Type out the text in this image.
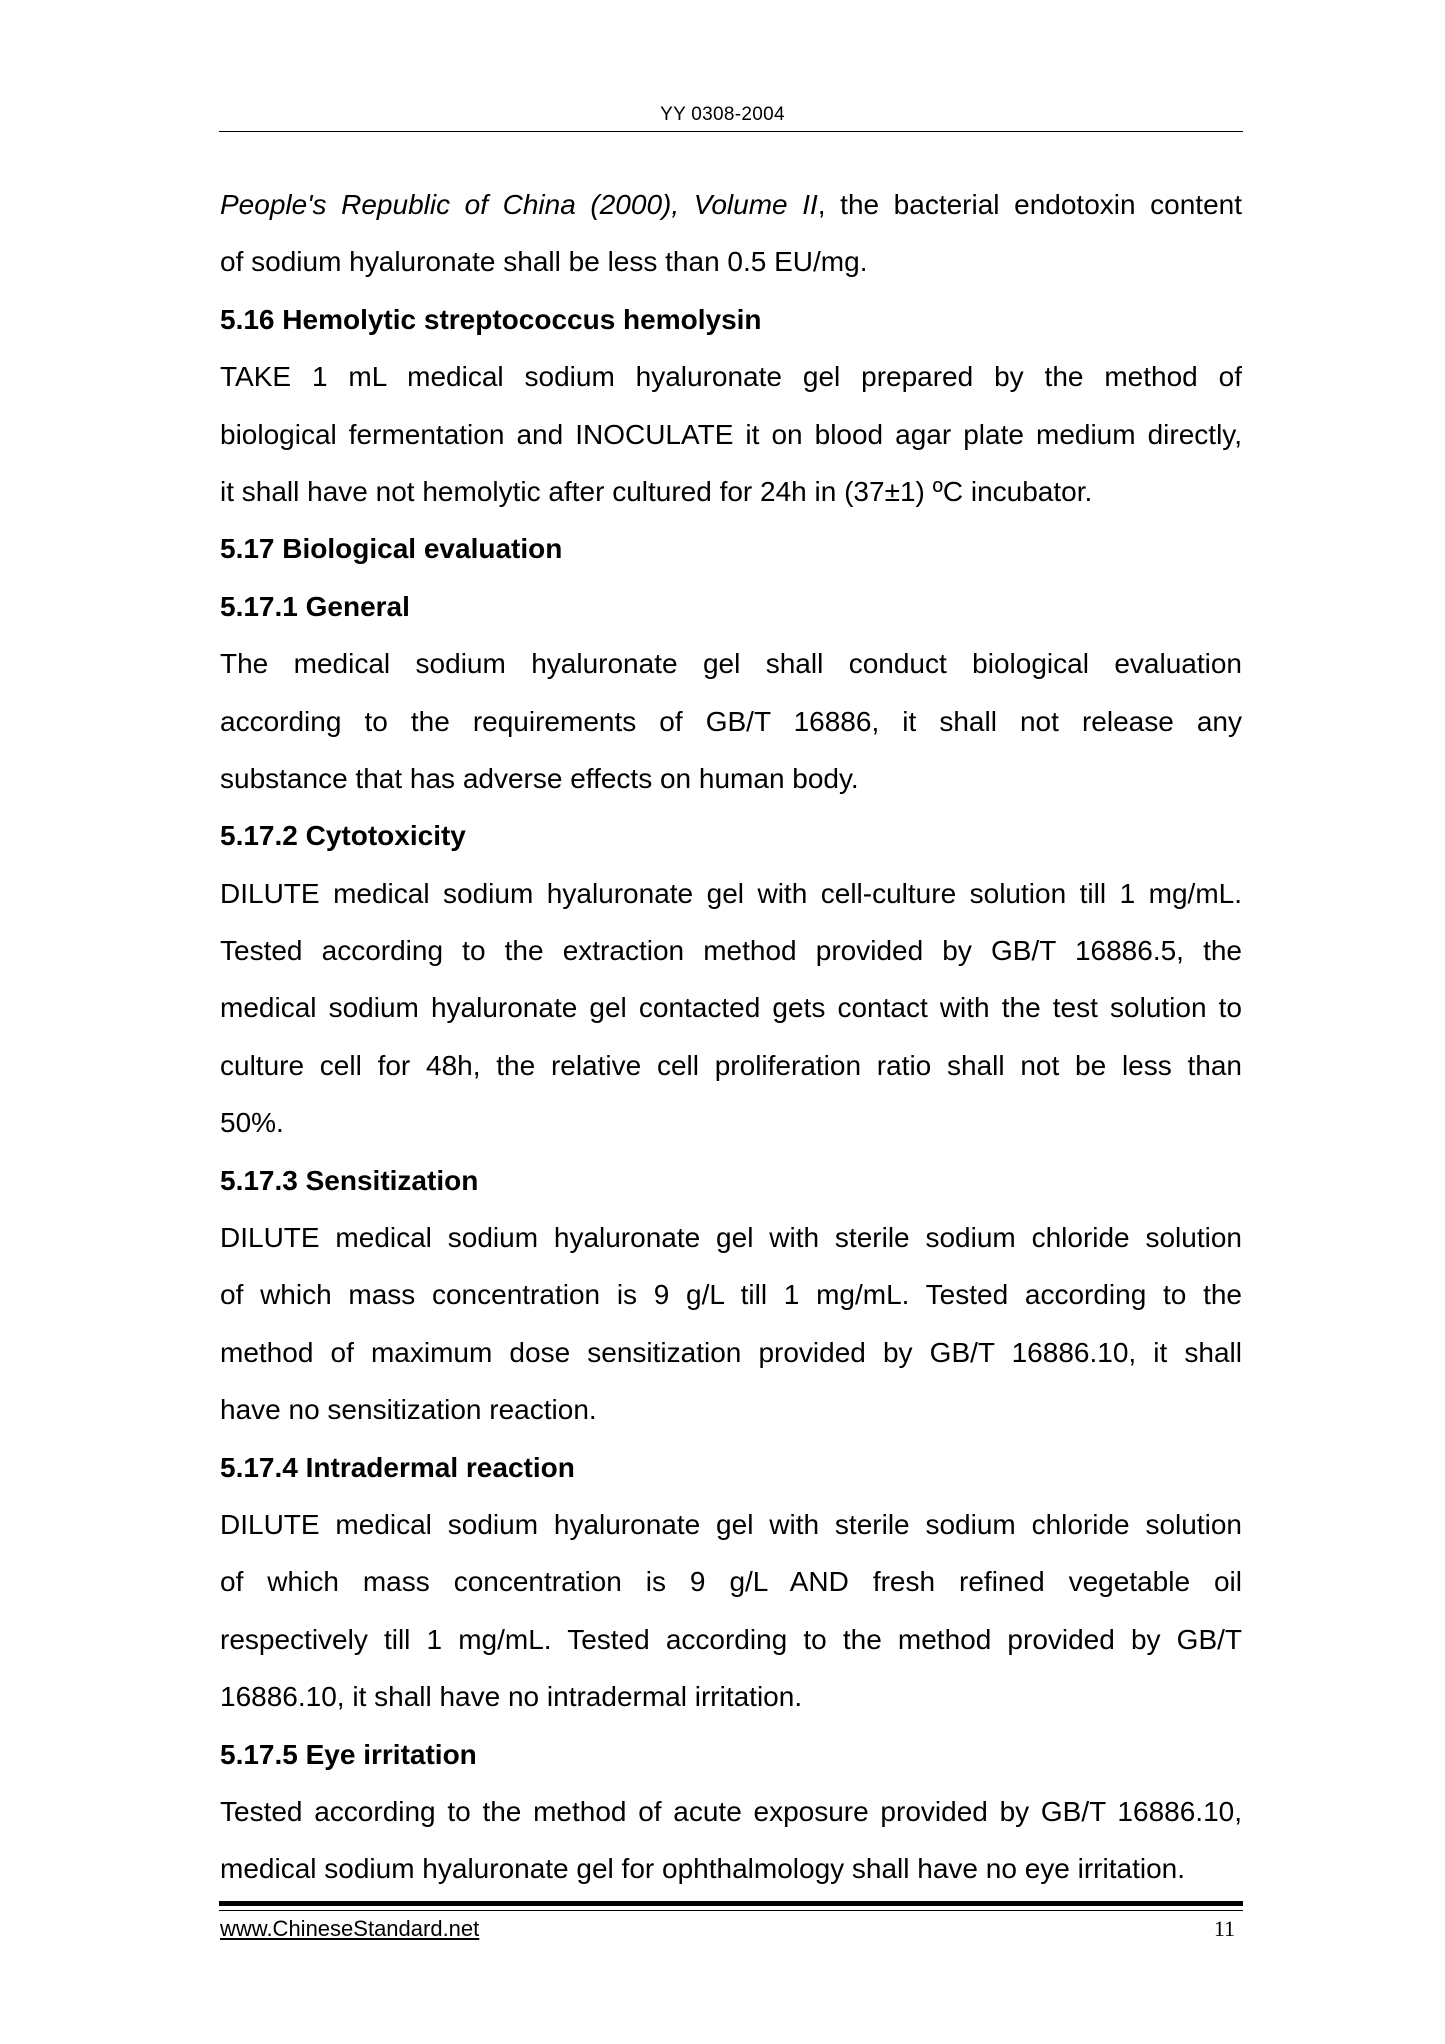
YY 0308-2004
People's Republic of China (2000), Volume II, the bacterial endotoxin content
of sodium hyaluronate shall be less than 0.5 EU/mg.
5.16 Hemolytic streptococcus hemolysin
TAKE 1 mL medical sodium hyaluronate gel prepared by the method of
biological fermentation and INOCULATE it on blood agar plate medium directly,
it shall have not hemolytic after cultured for 24h in (37±1) ºC incubator.
5.17 Biological evaluation
5.17.1 General
The medical sodium hyaluronate gel shall conduct biological evaluation
according to the requirements of GB/T 16886, it shall not release any
substance that has adverse effects on human body.
5.17.2 Cytotoxicity
DILUTE medical sodium hyaluronate gel with cell-culture solution till 1 mg/mL.
Tested according to the extraction method provided by GB/T 16886.5, the
medical sodium hyaluronate gel contacted gets contact with the test solution to
culture cell for 48h, the relative cell proliferation ratio shall not be less than
50%.
5.17.3 Sensitization
DILUTE medical sodium hyaluronate gel with sterile sodium chloride solution
of which mass concentration is 9 g/L till 1 mg/mL. Tested according to the
method of maximum dose sensitization provided by GB/T 16886.10, it shall
have no sensitization reaction.
5.17.4 Intradermal reaction
DILUTE medical sodium hyaluronate gel with sterile sodium chloride solution
of which mass concentration is 9 g/L AND fresh refined vegetable oil
respectively till 1 mg/mL. Tested according to the method provided by GB/T
16886.10, it shall have no intradermal irritation.
5.17.5 Eye irritation
Tested according to the method of acute exposure provided by GB/T 16886.10,
medical sodium hyaluronate gel for ophthalmology shall have no eye irritation.
www.ChineseStandard.net	11
